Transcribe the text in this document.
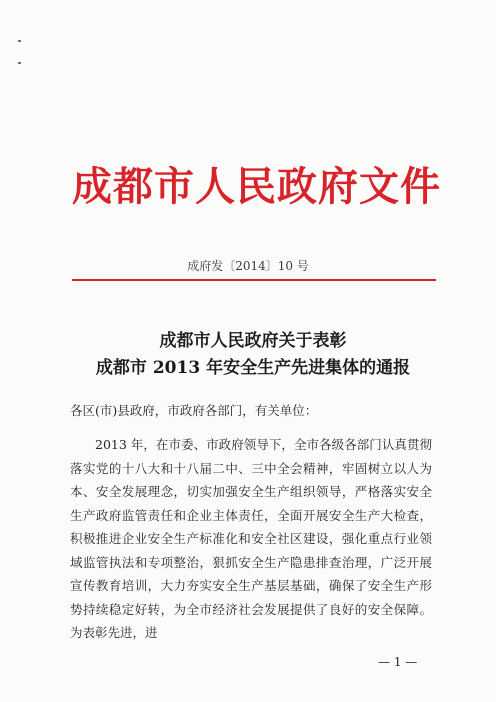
成都市人民政府文件
成府发〔2014〕10 号
成都市人民政府关于表彰
成都市 2013 年安全生产先进集体的通报
各区(市)县政府，市政府各部门，有关单位：

2013 年，在市委、市政府领导下，全市各级各部门认真贯彻落实党的十八大和十八届二中、三中全会精神，牢固树立以人为本、安全发展理念，切实加强安全生产组织领导，严格落实安全生产政府监管责任和企业主体责任，全面开展安全生产大检查，积极推进企业安全生产标准化和安全社区建设，强化重点行业领域监管执法和专项整治，狠抓安全生产隐患排查治理，广泛开展宣传教育培训，大力夯实安全生产基层基础，确保了安全生产形势持续稳定好转，为全市经济社会发展提供了良好的安全保障。为表彰先进，进

— 1 —
